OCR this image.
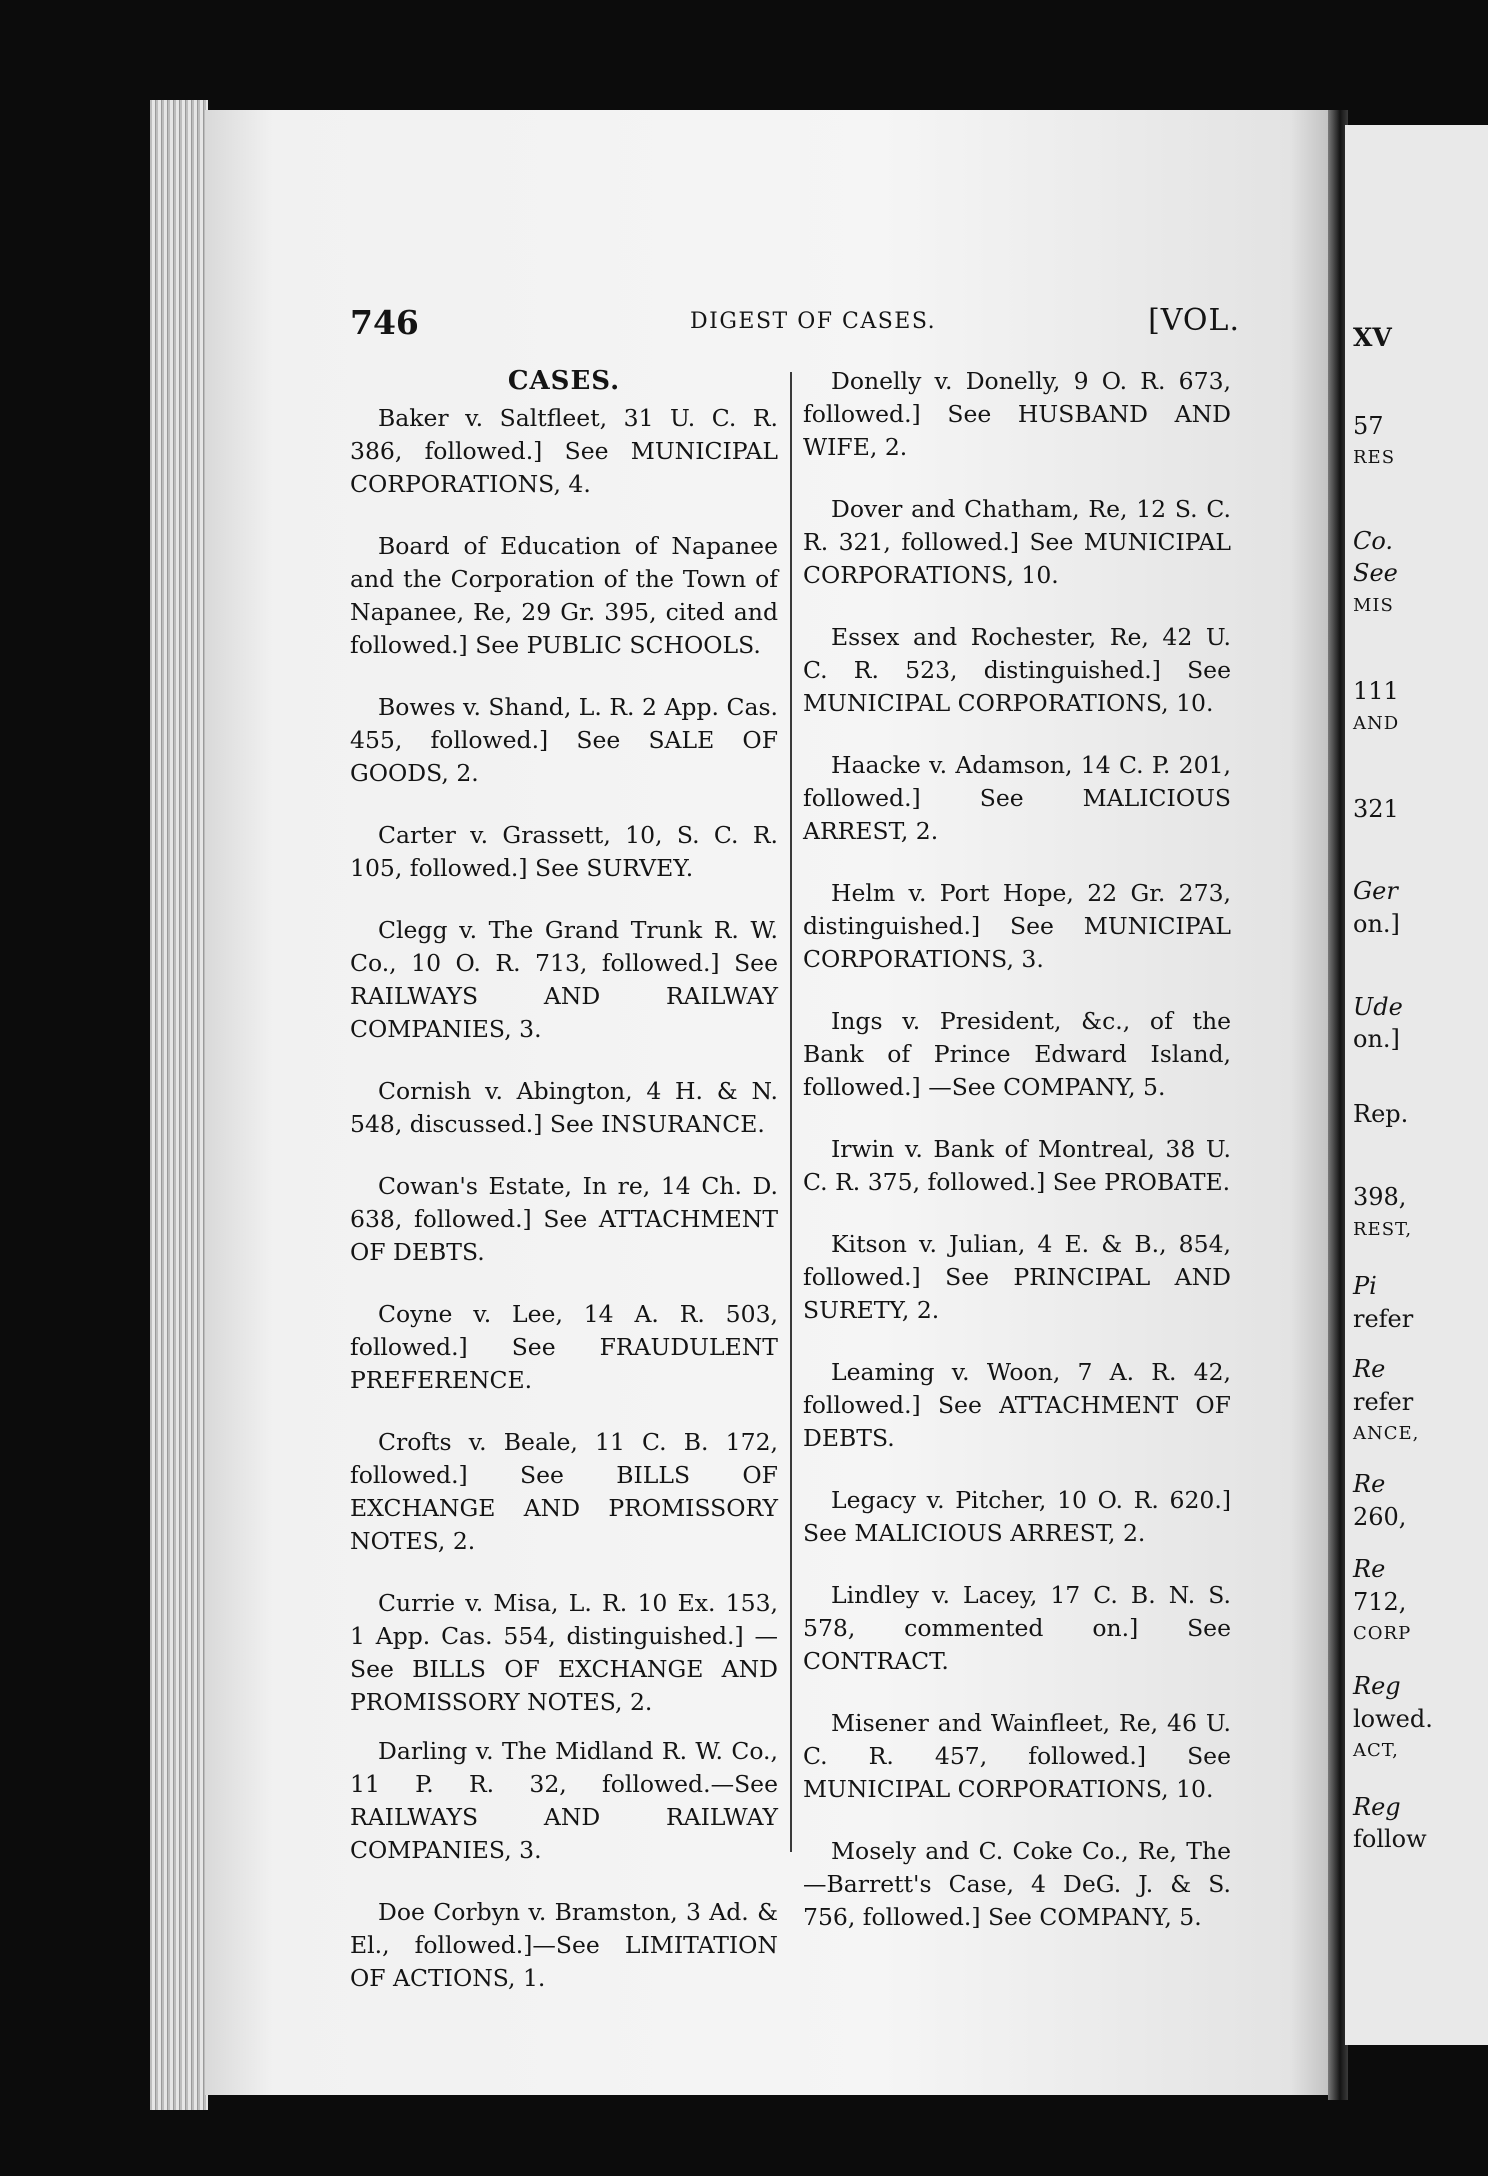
XV
57
RES
Co.
See
MIS
111
AND
321
Ger
on.]
Ude
on.]
Rep.
398,
REST,
Pi
refer
Re
refer
ANCE,
Re
260,
Re
712,
CORP
Reg
lowed.
ACT,
Reg
follow
746	DIGEST OF CASES.	[VOL.
CASES.

Baker v. Saltfleet, 31 U. C. R. 386, followed.] See MUNICIPAL CORPORATIONS, 4.

Board of Education of Napanee and the Corporation of the Town of Napanee, Re, 29 Gr. 395, cited and followed.] See PUBLIC SCHOOLS.

Bowes v. Shand, L. R. 2 App. Cas. 455, followed.] See SALE OF GOODS, 2.

Carter v. Grassett, 10, S. C. R. 105, followed.] See SURVEY.

Clegg v. The Grand Trunk R. W. Co., 10 O. R. 713, followed.] See RAILWAYS AND RAILWAY COMPANIES, 3.

Cornish v. Abington, 4 H. & N. 548, discussed.] See INSURANCE.

Cowan's Estate, In re, 14 Ch. D. 638, followed.] See ATTACHMENT OF DEBTS.

Coyne v. Lee, 14 A. R. 503, followed.] See FRAUDULENT PREFERENCE.

Crofts v. Beale, 11 C. B. 172, followed.] See BILLS OF EXCHANGE AND PROMISSORY NOTES, 2.

Currie v. Misa, L. R. 10 Ex. 153, 1 App. Cas. 554, distinguished.] —See BILLS OF EXCHANGE AND PROMISSORY NOTES, 2.

Darling v. The Midland R. W. Co., 11 P. R. 32, followed.—See RAILWAYS AND RAILWAY COMPANIES, 3.

Doe Corbyn v. Bramston, 3 Ad. & El., followed.]—See LIMITATION OF ACTIONS, 1.

Donelly v. Donelly, 9 O. R. 673, followed.] See HUSBAND AND WIFE, 2.

Dover and Chatham, Re, 12 S. C. R. 321, followed.] See MUNICIPAL CORPORATIONS, 10.

Essex and Rochester, Re, 42 U. C. R. 523, distinguished.] See MUNICIPAL CORPORATIONS, 10.

Haacke v. Adamson, 14 C. P. 201, followed.] See MALICIOUS ARREST, 2.

Helm v. Port Hope, 22 Gr. 273, distinguished.] See MUNICIPAL CORPORATIONS, 3.

Ings v. President, &c., of the Bank of Prince Edward Island, followed.] —See COMPANY, 5.

Irwin v. Bank of Montreal, 38 U. C. R. 375, followed.] See PROBATE.

Kitson v. Julian, 4 E. & B., 854, followed.] See PRINCIPAL AND SURETY, 2.

Leaming v. Woon, 7 A. R. 42, followed.] See ATTACHMENT OF DEBTS.

Legacy v. Pitcher, 10 O. R. 620.] See MALICIOUS ARREST, 2.

Lindley v. Lacey, 17 C. B. N. S. 578, commented on.] See CONTRACT.

Misener and Wainfleet, Re, 46 U. C. R. 457, followed.] See MUNICIPAL CORPORATIONS, 10.

Mosely and C. Coke Co., Re, The —Barrett's Case, 4 DeG. J. & S. 756, followed.] See COMPANY, 5.
